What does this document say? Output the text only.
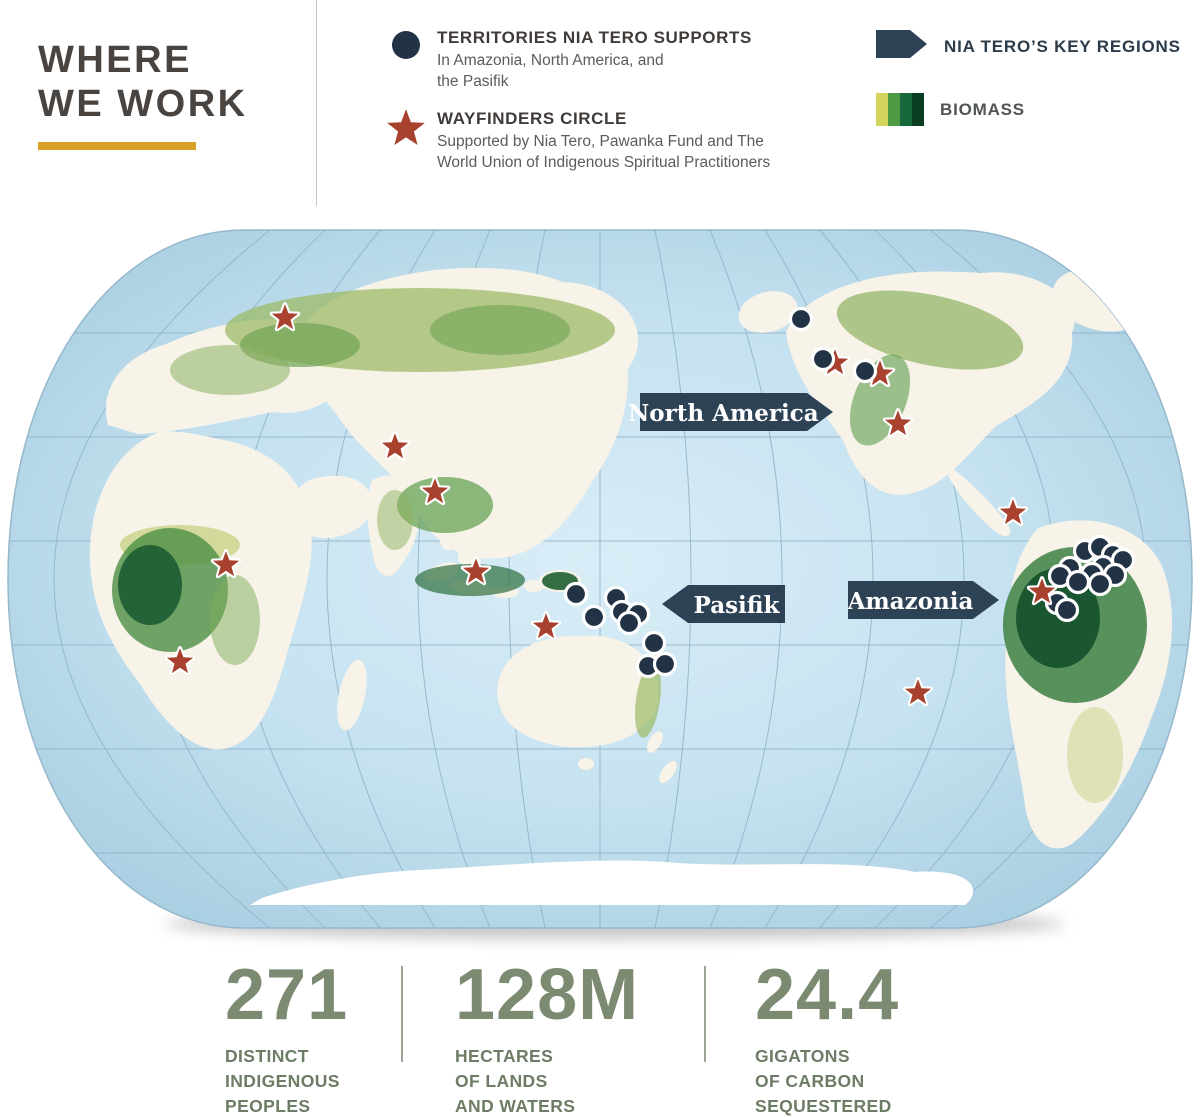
North America
Pasifik	Amazonia
WHERE
WE WORK
TERRITORIES NIA TERO SUPPORTS
In Amazonia, North America, and the Pasifik
WAYFINDERS CIRCLE
Supported by Nia Tero, Pawanka Fund and The World Union of Indigenous Spiritual Practitioners
NIA TERO’S KEY REGIONS
BIOMASS
271
DISTINCT
INDIGENOUS
PEOPLES
128M
HECTARES
OF LANDS
AND WATERS
24.4
GIGATONS
OF CARBON
SEQUESTERED
